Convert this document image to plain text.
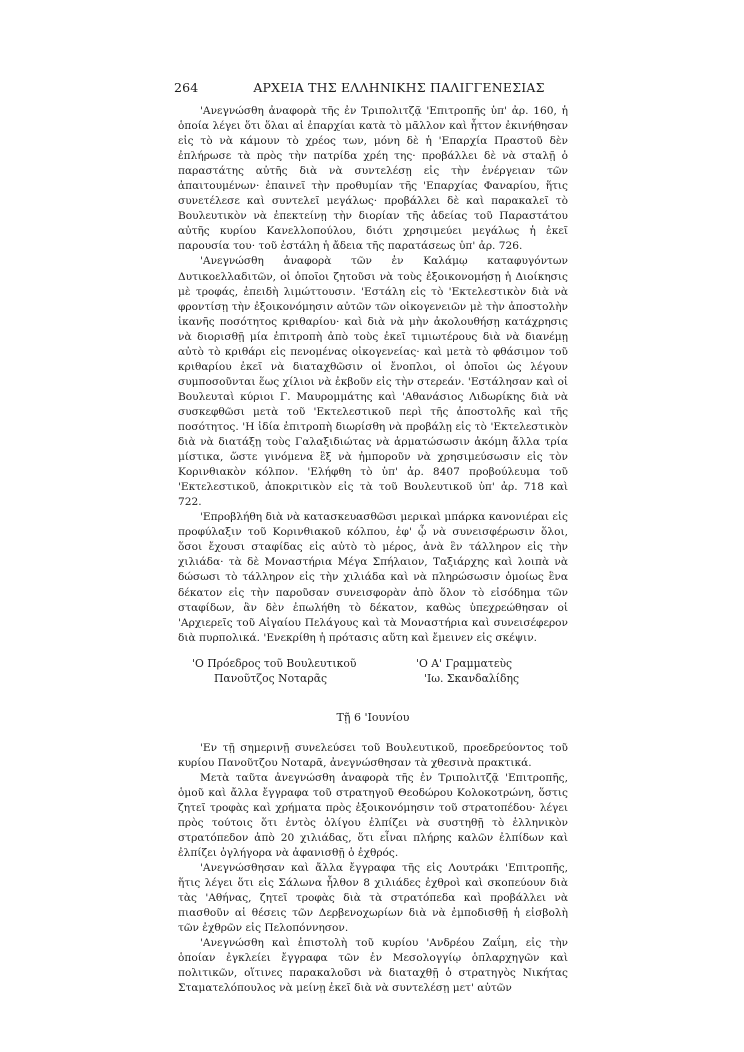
264	ΑΡΧΕΙΑ ΤΗΣ ΕΛΛΗΝΙΚΗΣ ΠΑΛΙΓΓΕΝΕΣΙΑΣ

'Ανεγνώσθη ἀναφορὰ τῆς ἐν Τριπολιτζᾷ 'Επιτροπῆς ὑπ' ἀρ. 160, ἡ ὁποία λέγει ὅτι ὅλαι αἱ ἐπαρχίαι κατὰ τὸ μᾶλλον καὶ ἧττον ἐκινήθησαν εἰς τὸ νὰ κάμουν τὸ χρέος των, μόνη δὲ ἡ 'Επαρχία Πραστοῦ δὲν ἐπλήρωσε τὰ πρὸς τὴν πατρίδα χρέη της· προβάλλει δὲ νὰ σταλῇ ὁ παραστάτης αὐτῆς διὰ νὰ συντελέσῃ εἰς τὴν ἐνέργειαν τῶν ἀπαιτουμένων· ἐπαινεῖ τὴν προθυμίαν τῆς 'Επαρχίας Φαναρίου, ἥτις συνετέλεσε καὶ συντελεῖ μεγάλως· προβάλλει δὲ καὶ παρακαλεῖ τὸ Βουλευτικὸν νὰ ἐπεκτείνῃ τὴν διορίαν τῆς ἀδείας τοῦ Παραστάτου αὐτῆς κυρίου Κανελλοπούλου, διότι χρησιμεύει μεγάλως ἡ ἐκεῖ παρουσία του· τοῦ ἐστάλη ἡ ἄδεια τῆς παρατάσεως ὑπ' ἀρ. 726.

'Ανεγνώσθη ἀναφορὰ τῶν ἐν Καλάμῳ καταφυγόντων Δυτικοελλαδιτῶν, οἱ ὁποῖοι ζητοῦσι νὰ τοὺς ἐξοικονομήσῃ ἡ Διοίκησις μὲ τροφάς, ἐπειδὴ λιμώττουσιν. 'Εστάλη εἰς τὸ 'Εκτελεστικὸν διὰ νὰ φροντίσῃ τὴν ἐξοικονόμησιν αὐτῶν τῶν οἰκογενειῶν μὲ τὴν ἀποστολὴν ἱκανῆς ποσότητος κριθαρίου· καὶ διὰ νὰ μὴν ἀκολουθήσῃ κατάχρησις νὰ διορισθῇ μία ἐπιτροπὴ ἀπὸ τοὺς ἐκεῖ τιμιωτέρους διὰ νὰ διανέμῃ αὐτὸ τὸ κριθάρι εἰς πενομένας οἰκογενείας· καὶ μετὰ τὸ φθάσιμον τοῦ κριθαρίου ἐκεῖ νὰ διαταχθῶσιν οἱ ἔνοπλοι, οἱ ὁποῖοι ὡς λέγουν συμποσοῦνται ἕως χίλιοι νὰ ἐκβοῦν εἰς τὴν στερεάν. 'Εστάλησαν καὶ οἱ Βουλευταὶ κύριοι Γ. Μαυρομμάτης καὶ 'Αθανάσιος Λιδωρίκης διὰ νὰ συσκεφθῶσι μετὰ τοῦ 'Εκτελεστικοῦ περὶ τῆς ἀποστολῆς καὶ τῆς ποσότητος. 'Η ἰδία ἐπιτροπὴ διωρίσθη νὰ προβάλῃ εἰς τὸ 'Εκτελεστικὸν διὰ νὰ διατάξῃ τοὺς Γαλαξιδιώτας νὰ ἁρματώσωσιν ἀκόμη ἄλλα τρία μίστικα, ὥστε γινόμενα ἓξ νὰ ἠμποροῦν νὰ χρησιμεύσωσιν εἰς τὸν Κορινθιακὸν κόλπον. 'Ελήφθη τὸ ὑπ' ἀρ. 8407 προβούλευμα τοῦ 'Εκτελεστικοῦ, ἀποκριτικὸν εἰς τὰ τοῦ Βουλευτικοῦ ὑπ' ἀρ. 718 καὶ 722.

'Επροβλήθη διὰ νὰ κατασκευασθῶσι μερικαὶ μπάρκα κανονιέραι εἰς προφύλαξιν τοῦ Κορινθιακοῦ κόλπου, ἐφ' ᾧ νὰ συνεισφέρωσιν ὅλοι, ὅσοι ἔχουσι σταφίδας εἰς αὐτὸ τὸ μέρος, ἀνὰ ἓν τάλληρον εἰς τὴν χιλιάδα· τὰ δὲ Μοναστήρια Μέγα Σπήλαιον, Ταξιάρχης καὶ λοιπὰ νὰ δώσωσι τὸ τάλληρον εἰς τὴν χιλιάδα καὶ νὰ πληρώσωσιν ὁμοίως ἓνα δέκατον εἰς τὴν παροῦσαν συνεισφορὰν ἀπὸ ὅλον τὸ εἰσόδημα τῶν σταφίδων, ἂν δὲν ἐπωλήθη τὸ δέκατον, καθὼς ὑπεχρεώθησαν οἱ 'Αρχιερεῖς τοῦ Αἰγαίου Πελάγους καὶ τὰ Μοναστήρια καὶ συνεισέφερον διὰ πυρπολικά. 'Ενεκρίθη ἡ πρότασις αὕτη καὶ ἔμεινεν εἰς σκέψιν.

'Ο Πρόεδρος τοῦ Βουλευτικοῦ
Πανοῦτζος Νοταρᾶς
'Ο Α' Γραμματεὺς
'Ιω. Σκανδαλίδης
Τῇ 6 'Ιουνίου

'Εν τῇ σημερινῇ συνελεύσει τοῦ Βουλευτικοῦ, προεδρεύοντος τοῦ κυρίου Πανοῦτζου Νοταρᾶ, ἀνεγνώσθησαν τὰ χθεσινὰ πρακτικά.

Μετὰ ταῦτα ἀνεγνώσθη ἀναφορὰ τῆς ἐν Τριπολιτζᾷ 'Επιτροπῆς, ὁμοῦ καὶ ἄλλα ἔγγραφα τοῦ στρατηγοῦ Θεοδώρου Κολοκοτρώνη, ὅστις ζητεῖ τροφὰς καὶ χρήματα πρὸς ἐξοικονόμησιν τοῦ στρατοπέδου· λέγει πρὸς τούτοις ὅτι ἐντὸς ὀλίγου ἐλπίζει νὰ συστηθῇ τὸ ἑλληνικὸν στρατόπεδον ἀπὸ 20 χιλιάδας, ὅτι εἶναι πλήρης καλῶν ἐλπίδων καὶ ἐλπίζει ὀγλήγορα νὰ ἀφανισθῇ ὁ ἐχθρός.

'Ανεγνώσθησαν καὶ ἄλλα ἔγγραφα τῆς εἰς Λουτράκι 'Επιτροπῆς, ἥτις λέγει ὅτι εἰς Σάλωνα ἦλθον 8 χιλιάδες ἐχθροὶ καὶ σκοπεύουν διὰ τὰς 'Αθήνας, ζητεῖ τροφὰς διὰ τὰ στρατόπεδα καὶ προβάλλει νὰ πιασθοῦν αἱ θέσεις τῶν Δερβενοχωρίων διὰ νὰ ἐμποδισθῇ ἡ εἰσβολὴ τῶν ἐχθρῶν εἰς Πελοπόννησον.

'Ανεγνώσθη καὶ ἐπιστολὴ τοῦ κυρίου 'Ανδρέου Ζαΐμη, εἰς τὴν ὁποίαν ἐγκλείει ἔγγραφα τῶν ἐν Μεσολογγίῳ ὁπλαρχηγῶν καὶ πολιτικῶν, οἵτινες παρακαλοῦσι νὰ διαταχθῇ ὁ στρατηγὸς Νικήτας Σταματελόπουλος νὰ μείνῃ ἐκεῖ διὰ νὰ συντελέσῃ μετ' αὐτῶν
